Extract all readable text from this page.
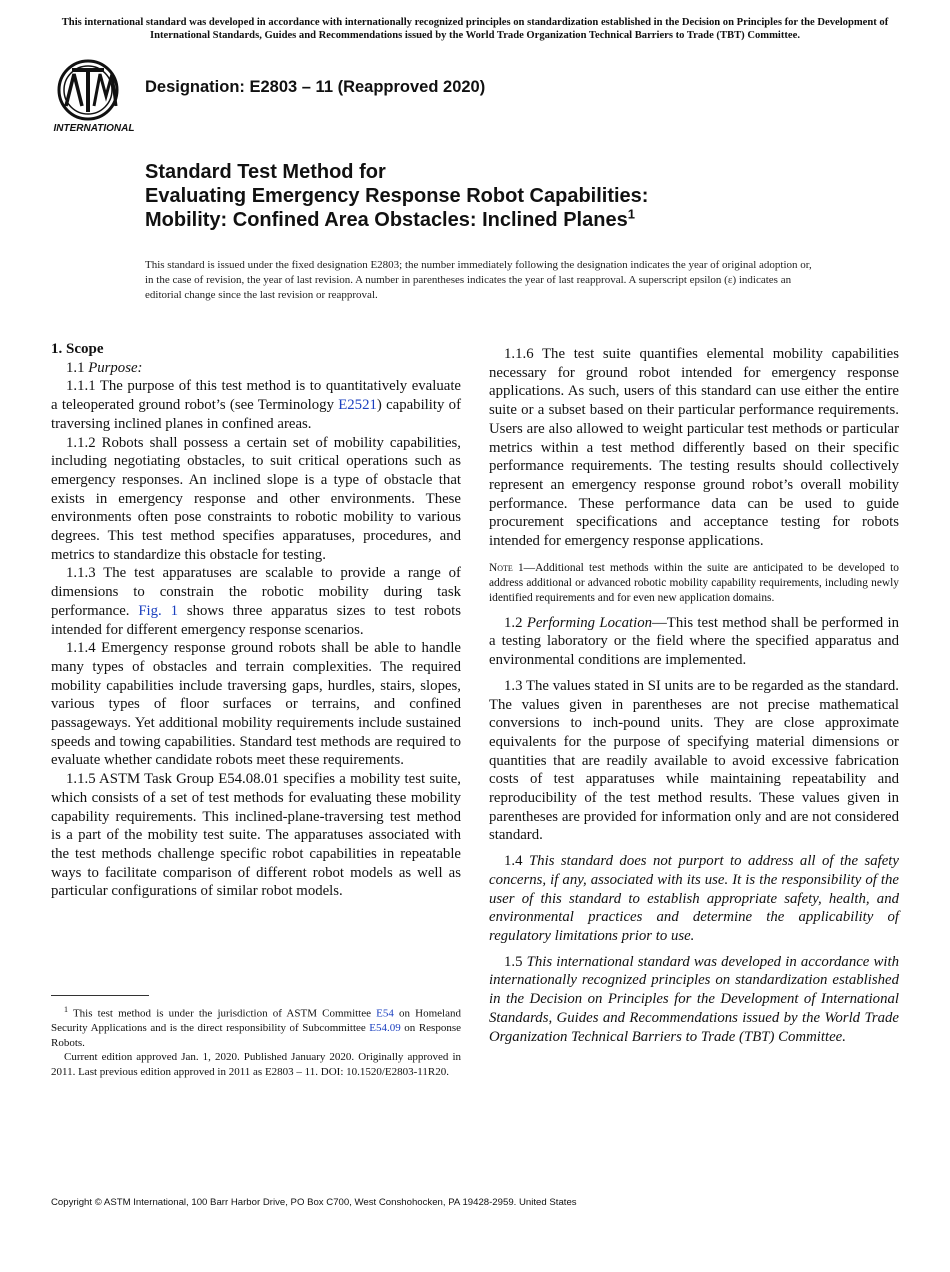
This international standard was developed in accordance with internationally recognized principles on standardization established in the Decision on Principles for the Development of International Standards, Guides and Recommendations issued by the World Trade Organization Technical Barriers to Trade (TBT) Committee.
INTERNATIONAL
Designation: E2803 – 11 (Reapproved 2020)
Standard Test Method for
Evaluating Emergency Response Robot Capabilities:
Mobility: Confined Area Obstacles: Inclined Planes$^1$
This standard is issued under the fixed designation E2803; the number immediately following the designation indicates the year of original adoption or, in the case of revision, the year of last revision. A number in parentheses indicates the year of last reapproval. A superscript epsilon (ε) indicates an editorial change since the last revision or reapproval.

1. Scope

1.1 Purpose:

1.1.1 The purpose of this test method is to quantitatively evaluate a teleoperated ground robot’s (see Terminology E2521) capability of traversing inclined planes in confined areas.

1.1.2 Robots shall possess a certain set of mobility capabilities, including negotiating obstacles, to suit critical operations such as emergency responses. An inclined slope is a type of obstacle that exists in emergency response and other environments. These environments often pose constraints to robotic mobility to various degrees. This test method specifies apparatuses, procedures, and metrics to standardize this obstacle for testing.

1.1.3 The test apparatuses are scalable to provide a range of dimensions to constrain the robotic mobility during task performance. Fig. 1 shows three apparatus sizes to test robots intended for different emergency response scenarios.

1.1.4 Emergency response ground robots shall be able to handle many types of obstacles and terrain complexities. The required mobility capabilities include traversing gaps, hurdles, stairs, slopes, various types of floor surfaces or terrains, and confined passageways. Yet additional mobility requirements include sustained speeds and towing capabilities. Standard test methods are required to evaluate whether candidate robots meet these requirements.

1.1.5 ASTM Task Group E54.08.01 specifies a mobility test suite, which consists of a set of test methods for evaluating these mobility capability requirements. This inclined-plane-traversing test method is a part of the mobility test suite. The apparatuses associated with the test methods challenge specific robot capabilities in repeatable ways to facilitate comparison of different robot models as well as particular configurations of similar robot models.

$^1$ This test method is under the jurisdiction of ASTM Committee E54 on Homeland Security Applications and is the direct responsibility of Subcommittee E54.09 on Response Robots.

Current edition approved Jan. 1, 2020. Published January 2020. Originally approved in 2011. Last previous edition approved in 2011 as E2803 – 11. DOI: 10.1520/E2803-11R20.

1.1.6 The test suite quantifies elemental mobility capabilities necessary for ground robot intended for emergency response applications. As such, users of this standard can use either the entire suite or a subset based on their particular performance requirements. Users are also allowed to weight particular test methods or particular metrics within a test method differently based on their specific performance requirements. The testing results should collectively represent an emergency response ground robot’s overall mobility performance. These performance data can be used to guide procurement specifications and acceptance testing for robots intended for emergency response applications.

Note 1—Additional test methods within the suite are anticipated to be developed to address additional or advanced robotic mobility capability requirements, including newly identified requirements and for even new application domains.

1.2 Performing Location—This test method shall be performed in a testing laboratory or the field where the specified apparatus and environmental conditions are implemented.

1.3 The values stated in SI units are to be regarded as the standard. The values given in parentheses are not precise mathematical conversions to inch-pound units. They are close approximate equivalents for the purpose of specifying material dimensions or quantities that are readily available to avoid excessive fabrication costs of test apparatuses while maintaining repeatability and reproducibility of the test method results. These values given in parentheses are provided for information only and are not considered standard.

1.4 This standard does not purport to address all of the safety concerns, if any, associated with its use. It is the responsibility of the user of this standard to establish appropriate safety, health, and environmental practices and determine the applicability of regulatory limitations prior to use.

1.5 This international standard was developed in accordance with internationally recognized principles on standardization established in the Decision on Principles for the Development of International Standards, Guides and Recommendations issued by the World Trade Organization Technical Barriers to Trade (TBT) Committee.

Copyright © ASTM International, 100 Barr Harbor Drive, PO Box C700, West Conshohocken, PA 19428-2959. United States
